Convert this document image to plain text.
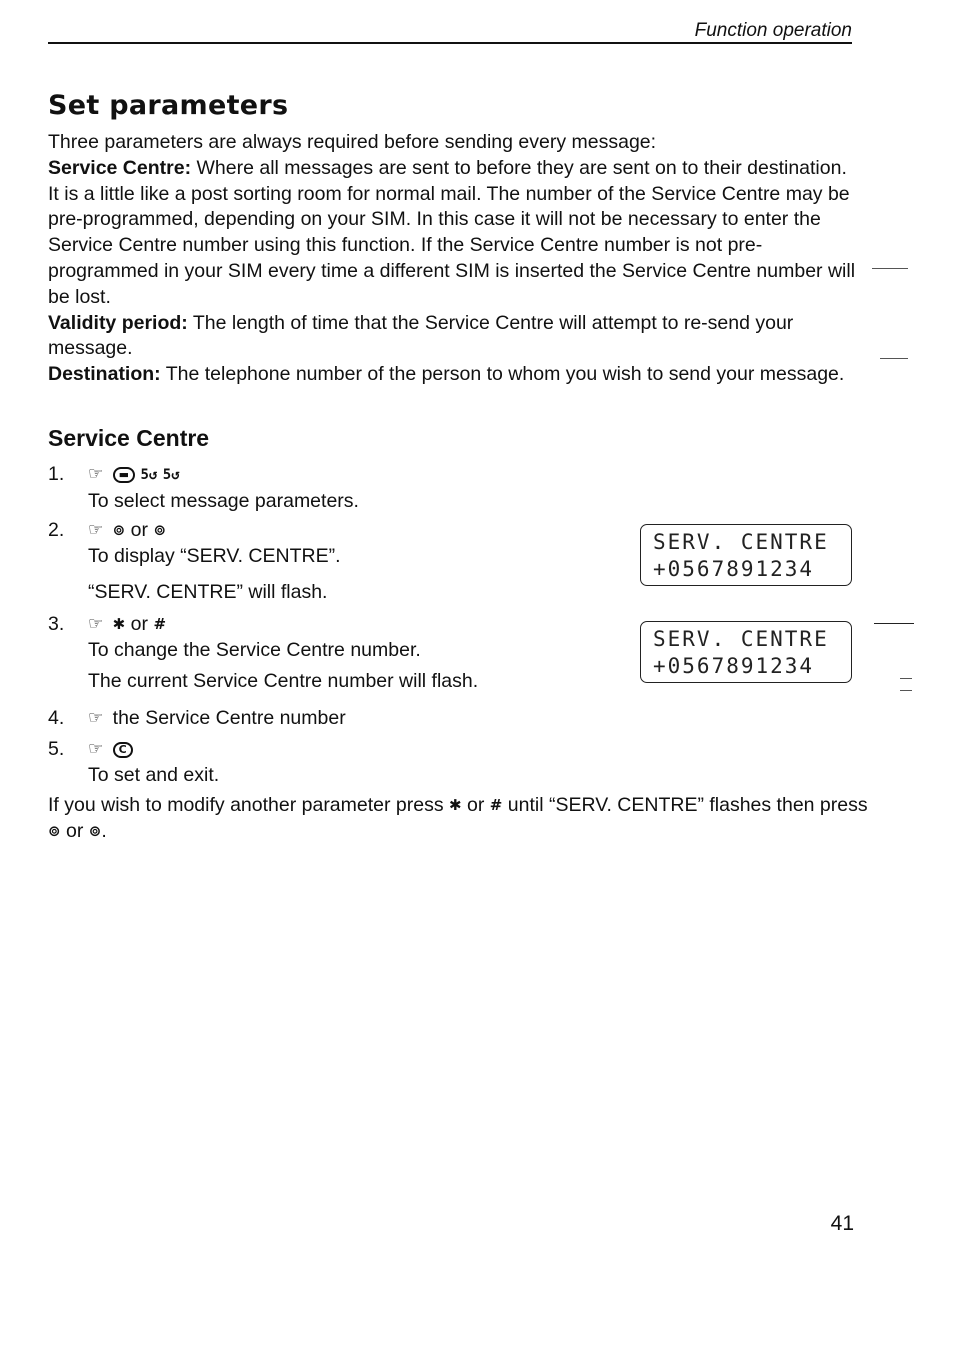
Function operation
Set parameters

Three parameters are always required before sending every message:

Service Centre: Where all messages are sent to before they are sent on to their destination. It is a little like a post sorting room for normal mail. The number of the Service Centre may be pre-programmed, depending on your SIM. In this case it will not be necessary to enter the Service Centre number using this function. If the Service Centre number is not pre-programmed in your SIM every time a different SIM is inserted the Service Centre number will be lost.

Validity period: The length of time that the Service Centre will attempt to re-send your message.

Destination: The telephone number of the person to whom you wish to send your message.

Service Centre
1.	☞ ▬ 5↺ 5↺
To select message parameters.
2.	☞ ⊚ or ⊚
To display “SERV. CENTRE”.
“SERV. CENTRE” will flash.
3.	☞ ✱ or #
To change the Service Centre number.
The current Service Centre number will flash.
4.	☞ the Service Centre number
5.	☞ C
To set and exit.
SERV. CENTRE
+0567891234
SERV. CENTRE
+0567891234

If you wish to modify another parameter press ✱ or # until “SERV. CENTRE” flashes then press ⊚ or ⊚.

41
